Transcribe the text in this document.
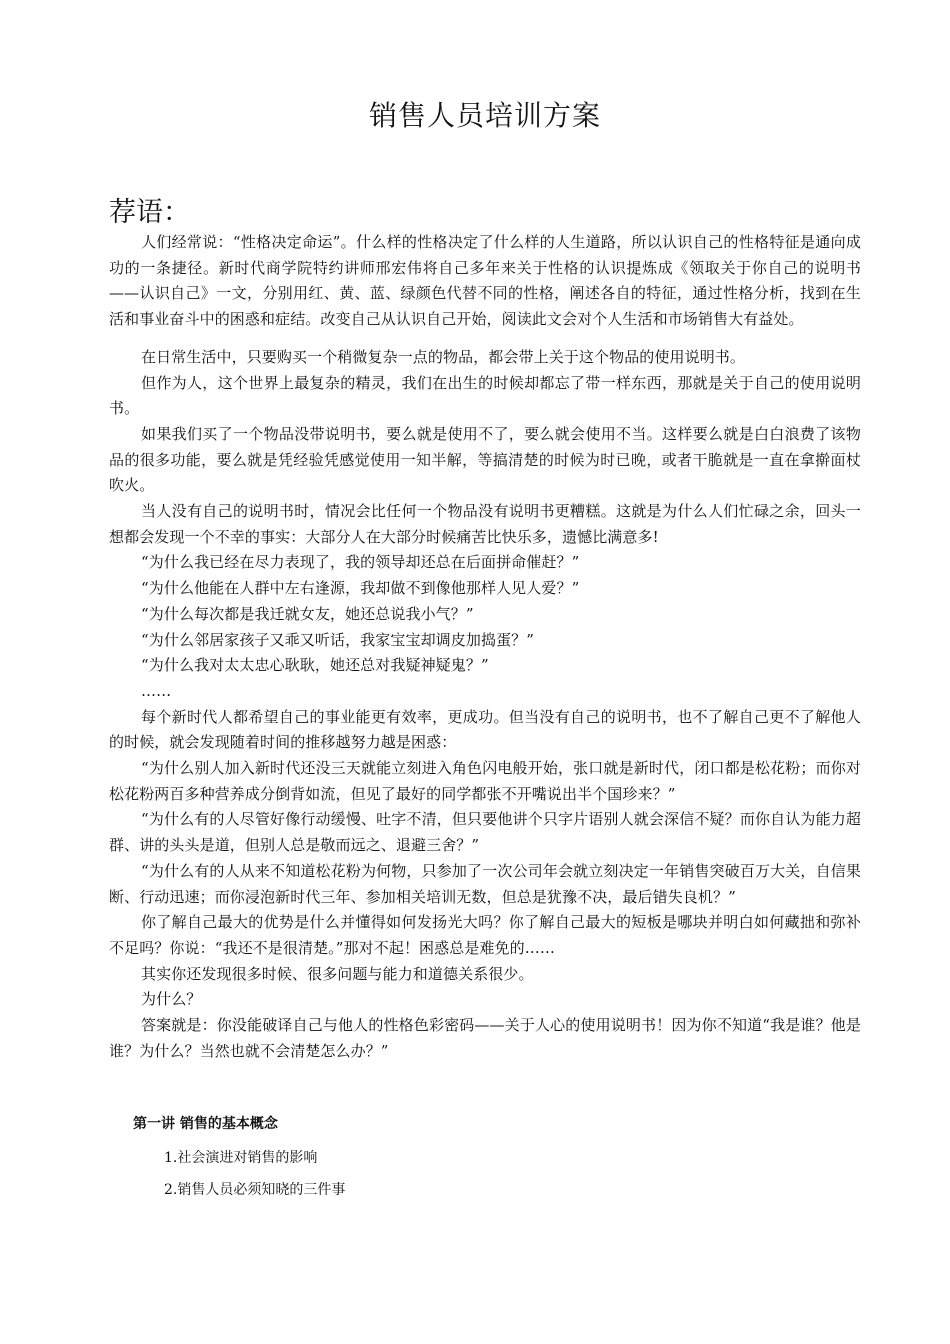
销售人员培训方案
荐语：

人们经常说：“性格决定命运”。什么样的性格决定了什么样的人生道路，所以认识自己的性格特征是通向成功的一条捷径。新时代商学院特约讲师邢宏伟将自己多年来关于性格的认识提炼成《领取关于你自己的说明书——认识自己》一文，分别用红、黄、蓝、绿颜色代替不同的性格，阐述各自的特征，通过性格分析，找到在生活和事业奋斗中的困惑和症结。改变自己从认识自己开始，阅读此文会对个人生活和市场销售大有益处。

在日常生活中，只要购买一个稍微复杂一点的物品，都会带上关于这个物品的使用说明书。

但作为人，这个世界上最复杂的精灵，我们在出生的时候却都忘了带一样东西，那就是关于自己的使用说明书。

如果我们买了一个物品没带说明书，要么就是使用不了，要么就会使用不当。这样要么就是白白浪费了该物品的很多功能，要么就是凭经验凭感觉使用一知半解，等搞清楚的时候为时已晚，或者干脆就是一直在拿擀面杖吹火。

当人没有自己的说明书时，情况会比任何一个物品没有说明书更糟糕。这就是为什么人们忙碌之余，回头一想都会发现一个不幸的事实：大部分人在大部分时候痛苦比快乐多，遗憾比满意多!

“为什么我已经在尽力表现了，我的领导却还总在后面拼命催赶？”

“为什么他能在人群中左右逢源，我却做不到像他那样人见人爱？”

“为什么每次都是我迁就女友，她还总说我小气？”

“为什么邻居家孩子又乖又听话，我家宝宝却调皮加捣蛋？”

“为什么我对太太忠心耿耿，她还总对我疑神疑鬼？”

……

每个新时代人都希望自己的事业能更有效率，更成功。但当没有自己的说明书，也不了解自己更不了解他人的时候，就会发现随着时间的推移越努力越是困惑：

“为什么别人加入新时代还没三天就能立刻进入角色闪电般开始，张口就是新时代，闭口都是松花粉；而你对松花粉两百多种营养成分倒背如流，但见了最好的同学都张不开嘴说出半个国珍来？”

“为什么有的人尽管好像行动缓慢、吐字不清，但只要他讲个只字片语别人就会深信不疑？而你自认为能力超群、讲的头头是道，但别人总是敬而远之、退避三舍？”

“为什么有的人从来不知道松花粉为何物，只参加了一次公司年会就立刻决定一年销售突破百万大关，自信果断、行动迅速；而你浸泡新时代三年、参加相关培训无数，但总是犹豫不决，最后错失良机？”

你了解自己最大的优势是什么并懂得如何发扬光大吗？你了解自己最大的短板是哪块并明白如何藏拙和弥补不足吗？你说：“我还不是很清楚。”那对不起！困惑总是难免的……

其实你还发现很多时候、很多问题与能力和道德关系很少。

为什么？

答案就是：你没能破译自己与他人的性格色彩密码——关于人心的使用说明书！因为你不知道“我是谁？他是谁？为什么？当然也就不会清楚怎么办？”

第一讲 销售的基本概念

1.社会演进对销售的影响

2.销售人员必须知晓的三件事
